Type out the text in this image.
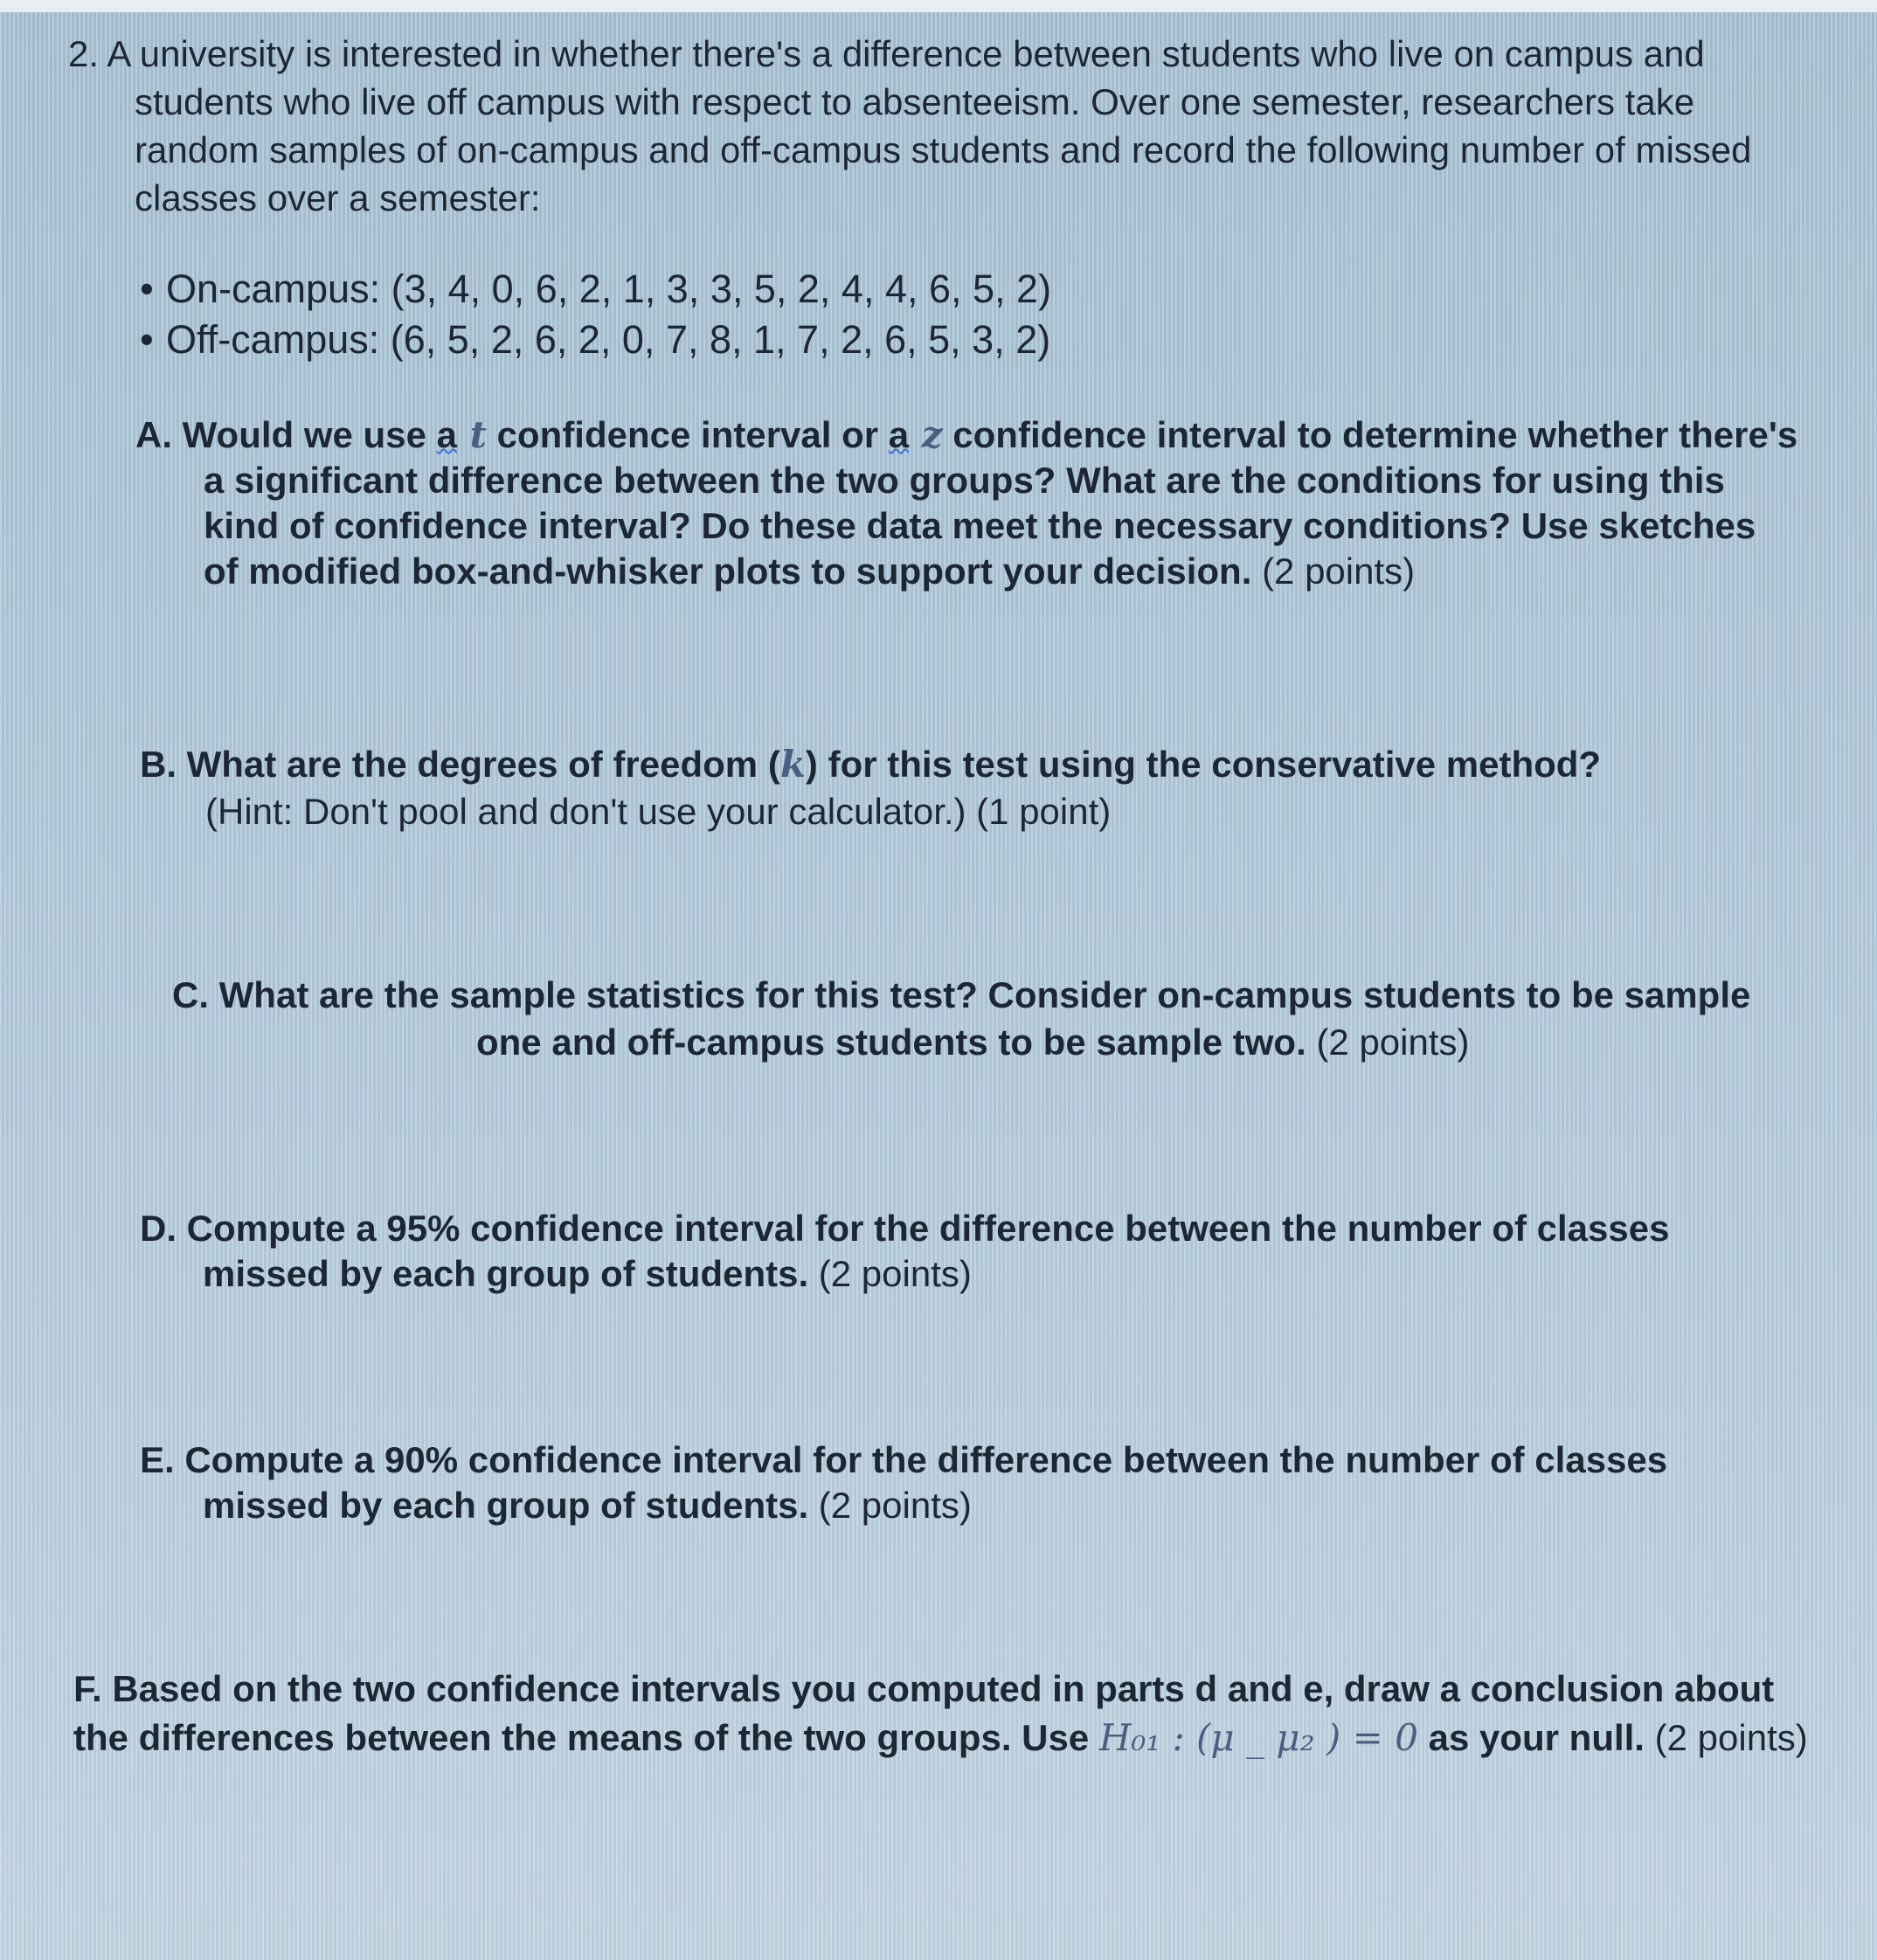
2. A university is interested in whether there's a difference between students who live on campus and
students who live off campus with respect to absenteeism. Over one semester, researchers take
random samples of on-campus and off-campus students and record the following number of missed
classes over a semester:
• On-campus: (3, 4, 0, 6, 2, 1, 3, 3, 5, 2, 4, 4, 6, 5, 2)
• Off-campus: (6, 5, 2, 6, 2, 0, 7, 8, 1, 7, 2, 6, 5, 3, 2)
A. Would we use a t confidence interval or a z confidence interval to determine whether there's
a significant difference between the two groups? What are the conditions for using this
kind of confidence interval? Do these data meet the necessary conditions? Use sketches
of modified box-and-whisker plots to support your decision. (2 points)
B. What are the degrees of freedom (k) for this test using the conservative method?
(Hint: Don't pool and don't use your calculator.) (1 point)
C. What are the sample statistics for this test? Consider on-campus students to be sample
one and off-campus students to be sample two. (2 points)
D. Compute a 95% confidence interval for the difference between the number of classes
missed by each group of students. (2 points)
E. Compute a 90% confidence interval for the difference between the number of classes
missed by each group of students. (2 points)
F. Based on the two confidence intervals you computed in parts d and e, draw a conclusion about
the differences between the means of the two groups. Use H₀₁ : (μ _ μ₂ ) = 0 as your null. (2 points)
